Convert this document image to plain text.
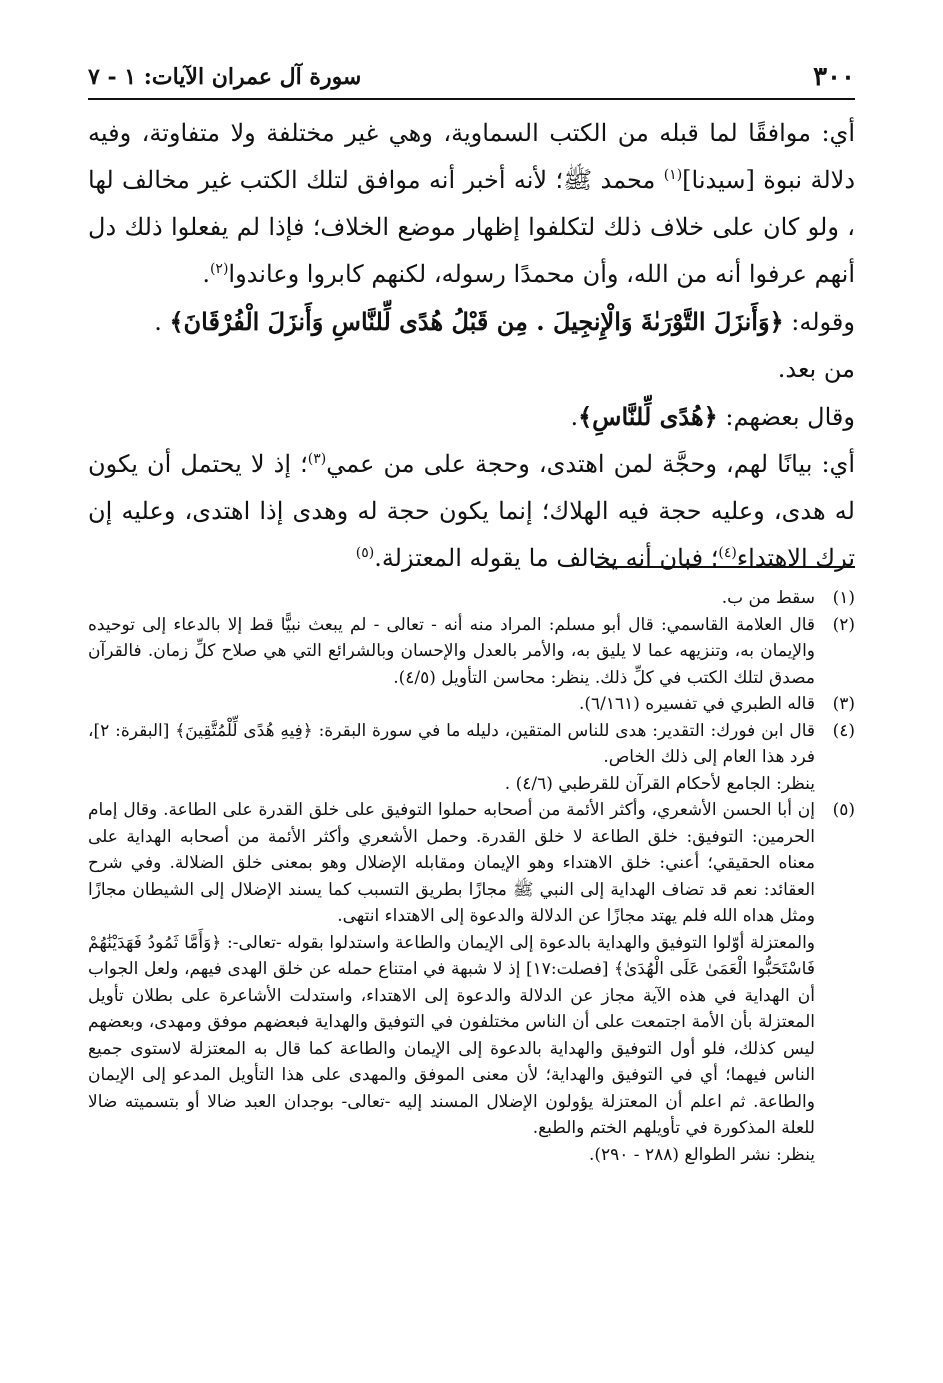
٣٠٠
سورة آل عمران الآيات: ١ - ٧

أي: موافقًا لما قبله من الكتب السماوية، وهي غير مختلفة ولا متفاوتة، وفيه دلالة نبوة [سيدنا]$^{(١)}$ محمد ﷺ؛ لأنه أخبر أنه موافق لتلك الكتب غير مخالف لها ، ولو كان على خلاف ذلك لتكلفوا إظهار موضع الخلاف؛ فإذا لم يفعلوا ذلك دل أنهم عرفوا أنه من الله، وأن محمدًا رسوله، لكنهم كابروا وعاندوا$^{(٢)}$.

وقوله: ﴿وَأَنزَلَ التَّوْرَىٰةَ وَالْإِنجِيلَ . مِن قَبْلُ هُدًى لِّلنَّاسِ وَأَنزَلَ الْفُرْقَانَ﴾ .

من بعد.

وقال بعضهم: ﴿هُدًى لِّلنَّاسِ﴾.

أي: بيانًا لهم، وحجَّة لمن اهتدى، وحجة على من عمي$^{(٣)}$؛ إذ لا يحتمل أن يكون له هدى، وعليه حجة فيه الهلاك؛ إنما يكون حجة له وهدى إذا اهتدى، وعليه إن ترك الاهتداء$^{(٤)}$؛ فبان أنه يخالف ما يقوله المعتزلة.$^{(٥)}$

(١)
سقط من ب.
(٢)
قال العلامة القاسمي: قال أبو مسلم: المراد منه أنه - تعالى - لم يبعث نبيًّا قط إلا بالدعاء إلى توحيده والإيمان به، وتنزيهه عما لا يليق به، والأمر بالعدل والإحسان وبالشرائع التي هي صلاح كلِّ زمان. فالقرآن مصدق لتلك الكتب في كلِّ ذلك. ينظر: محاسن التأويل (٤/٥).
(٣)
قاله الطبري في تفسيره (٦/١٦١).
(٤)
قال ابن فورك: التقدير: هدى للناس المتقين، دليله ما في سورة البقرة: ﴿فِيهِ هُدًى لِّلْمُتَّقِينَ﴾ [البقرة: ٢]، فرد هذا العام إلى ذلك الخاص.

ينظر: الجامع لأحكام القرآن للقرطبي (٤/٦) .

(٥)
إن أبا الحسن الأشعري، وأكثر الأئمة من أصحابه حملوا التوفيق على خلق القدرة على الطاعة. وقال إمام الحرمين: التوفيق: خلق الطاعة لا خلق القدرة. وحمل الأشعري وأكثر الأئمة من أصحابه الهداية على معناه الحقيقي؛ أعني: خلق الاهتداء وهو الإيمان ومقابله الإضلال وهو بمعنى خلق الضلالة. وفي شرح العقائد: نعم قد تضاف الهداية إلى النبي ﷺ مجازًا بطريق التسبب كما يسند الإضلال إلى الشيطان مجازًا ومثل هداه الله فلم يهتد مجازًا عن الدلالة والدعوة إلى الاهتداء انتهى.

والمعتزلة أوّلوا التوفيق والهداية بالدعوة إلى الإيمان والطاعة واستدلوا بقوله -تعالى-: ﴿وَأَمَّا ثَمُودُ فَهَدَيْنَٰهُمْ فَاسْتَحَبُّوا الْعَمَىٰ عَلَى الْهُدَىٰ﴾ [فصلت:١٧] إذ لا شبهة في امتناع حمله عن خلق الهدى فيهم، ولعل الجواب أن الهداية في هذه الآية مجاز عن الدلالة والدعوة إلى الاهتداء، واستدلت الأشاعرة على بطلان تأويل المعتزلة بأن الأمة اجتمعت على أن الناس مختلفون في التوفيق والهداية فبعضهم موفق ومهدى، وبعضهم ليس كذلك، فلو أول التوفيق والهداية بالدعوة إلى الإيمان والطاعة كما قال به المعتزلة لاستوى جميع الناس فيهما؛ أي في التوفيق والهداية؛ لأن معنى الموفق والمهدى على هذا التأويل المدعو إلى الإيمان والطاعة. ثم اعلم أن المعتزلة يؤولون الإضلال المسند إليه -تعالى- بوجدان العبد ضالا أو بتسميته ضالا للعلة المذكورة في تأويلهم الختم والطبع.

ينظر: نشر الطوالع (٢٨٨ - ٢٩٠).
